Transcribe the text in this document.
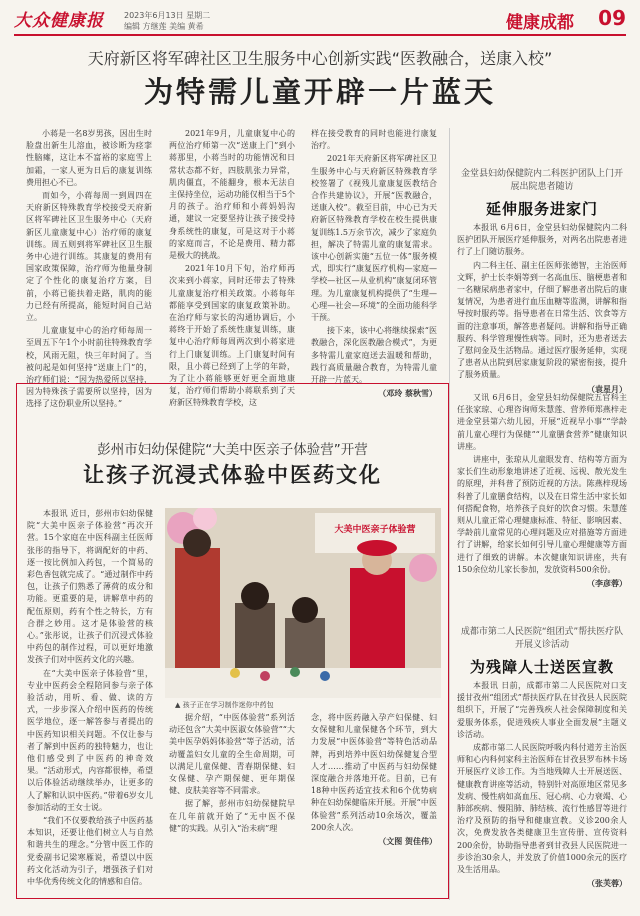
大众健康报	2023年6月13日 星期二
编辑 方继莲 美编 黄希	健康成都 09
天府新区将军碑社区卫生服务中心创新实践“医教融合，送康入校”
为特需儿童开辟一片蓝天

小蒋是一名8岁男孩，因出生时脸盘出新生儿溶血，被诊断为痉挛性脑瘫，这让本不富裕的家庭雪上加霜，一家人更为日后的康复训练费用担心不已。

而如今，小蒋每周一到周四在天府新区特殊教育学校接受天府新区将军碑社区卫生服务中心（天府新区儿童康复中心）治疗师的康复训练。周五则到将军碑社区卫生服务中心进行训练。其康复的费用有国家政策保障，治疗师为他量身制定了个性化的康复治疗方案，目前，小蒋已能扶着走路，肌肉的能力已经有所提高，能短时间自己站立。

儿童康复中心的治疗师每周一至周五下午1个小时前往特殊教育学校，风雨无阻，快三年时间了。当被问起是如何坚持“送康上门”的，治疗师们说：“因为热爱所以坚持，因为特殊孩子需要所以坚持，因为选择了这份职业所以坚持。”

2021年9月，儿童康复中心的两位治疗师第一次“送康上门”到小蒋那里，小蒋当时的功能情况和日常状态都不好，四肢肌张力异常，肌肉僵直，不能翻身，根本无法自主保持坐位，运动功能仅相当于5个月的孩子。治疗师和小蒋妈妈沟通，建议一定要坚持让孩子接受持身系统性的康复，可是这对于小蒋的家庭而言，不论是费用、精力都是极大的挑战。

2021年10月下旬，治疗师再次来到小蒋家，同时还带去了特殊儿童康复治疗相关政策。小蒋每年都能享受到国家的康复政策补助。在治疗师与家长的沟通协调后，小蒋终于开始了系统性康复训练，康复中心治疗师每周两次到小蒋家进行上门康复训练。上门康复时间有限，且小蒋已经到了上学的年龄，为了让小蒋能够更好更全面地康复，治疗师们帮助小蒋联系到了天府新区特殊教育学校，这

样在接受教育的同时也能进行康复治疗。

2021年天府新区将军碑社区卫生服务中心与天府新区特殊教育学校签署了《视残儿童康复医教结合合作共建协议》，开展“医教融合，送康入校”。截至目前，中心已为天府新区特殊教育学校在校生提供康复训练1.5万余节次，减少了家庭负担，解决了特需儿童的康复需求。该中心创新实施“五位一体”服务模式，即实行“康复医疗机构—家庭—学校—社区—从业机构”康复闭环管理。为儿童康复机构提供了“生理—心理—社会—环境”的全面功能科学干预。

接下来，该中心将继续探索“医教融合，深化医教融合模式”，为更多特需儿童家庭送去温暖和帮助，践行高质量融合教育，为特需儿童开辟一片蓝天。

（邓玲 蔡秋雪）

金堂县妇幼保健院内二科医护团队上门开展出院患者随访
延伸服务进家门

本报讯 6月6日，金堂县妇幼保健院内二科医护团队开展医疗延伸服务，对两名出院患者进行了上门随访服务。

内二科主任、副主任医师张德智，主治医师文辉，护士长李娟等到一名高血压、脑梗患者和一名糖尿病患者家中，仔细了解患者出院后的康复情况，为患者进行血压血糖等监测，讲解和指导按时服药等。指导患者在日常生活、饮食等方面的注意事项，解答患者疑问。讲解和指导正确服药、科学管理慢性病等。同时，还为患者送去了慰问金及生活物品。通过医疗服务延伸，实现了患者从出院到居家康复阶段的紧密衔接，提升了服务质量。

（袁星月）

又讯 6月6日，金堂县妇幼保健院五官科主任张家琼、心理咨询师朱慧莲、营养师郑燕梓走进金堂县第六幼儿园，开展“近视早小事”“学龄前儿童心理行为保健”“儿童膳食营养”健康知识讲座。

讲座中，张琼从儿童眼发育、结构等方面为家长们生动形象地讲述了近视、远视、散光发生的原理，并科普了预防近视的方法。陈燕梓现场科普了儿童膳食结构，以及在日常生活中家长如何搭配食物，培养孩子良好的饮食习惯。朱慧莲则从儿童正常心理健康标准、特征、影响因素、学龄前儿童常见的心理问题及应对措施等方面进行了讲解，给家长如何引导儿童心理健康等方面进行了细致的讲解。本次健康知识讲座，共有150余位幼儿家长参加，发放资料500余份。

（李彦蓉）

成都市第二人民医院“组团式”帮扶医疗队开展义诊活动
为残障人士送医宣教

本报讯 日前，成都市第二人民医院对口支援甘孜州“组团式”帮扶医疗队在甘孜县人民医院组织下，开展了“完善残疾人社会保障制度和关爱服务体系，促进残疾人事业全面发展”主题义诊活动。

成都市第二人民医院呼吸内科付道芳主治医师和心内科何家科主治医师在甘孜县罗布林卡场开展医疗义诊工作。为当地残障人士开展送医、健康教育讲座等活动，特别针对高原地区常见多发病、慢性病如高血压、冠心病、心力衰竭、心肺部疾病、慢阻肺、肺结核、流行性感冒等进行治疗及预防的指导和健康宣教。义诊200余人次，免费发放各类健康卫生宣传册、宣传资料200余份，协助指导患者到甘孜县人民医院进一步诊治30余人，并发放了价值1000余元的医疗及生活用品。

（张芙蓉）

彭州市妇幼保健院“大美中医亲子体验营”开营
让孩子沉浸式体验中医药文化

本报讯 近日，彭州市妇幼保健院“大美中医亲子体验营”再次开营。15个家庭在中医科副主任医师张彤的指导下，将调配好的中药、逐一按比例加入药包，一个简易的彩色香包就完成了。“通过制作中药包，让孩子们熟悉了薄荷的成分和功能。更重要的是，讲解草中药的配伍原则，药有个性之特长，方有合群之妙用。这才是体验营的核心。”张彤说，让孩子们沉浸式体验中药包的制作过程，可以更好地激发孩子们对中医药文化的兴趣。

在“大美中医亲子体验营”里，专业中医药会全程陪同参与亲子体验活动，用听、看、做、读的方式，一步步深入介绍中医药的传统医学地位，逐一解答参与者提出的中医药知识相关问题。不仅让参与者了解到中医药的独特魅力，也让他们感受到了中医药的神奇效果。“活动形式，内容都很棒，希望以后体验活动继续举办，让更多的人了解和认识中医药。”带着6岁女儿参加活动的王女士说。

“我们不仅要教给孩子中医药基本知识，还要让他们树立人与自然和谐共生的理念。”分管中医工作的党委副书记梁寒雁说，希望以中医药文化活动为引子，增强孩子们对中华优秀传统文化的情感和自信。

大美中医亲子体验营
▲ 孩子正在学习制作迷你中药包

据介绍，“中医体验营”系列活动还包含“大美中医淑女体验营”“大美中医孕妈妈体验营”等子活动，活动覆盖妇女儿童的全生命周期，可以满足儿童保健、青春期保健、妇女保健、孕产期保健、更年期保健、皮肤美容等不同需求。

据了解，彭州市妇幼保健院早在几年前就开始了“无中医不保健”的实践。从引入“治未病”理

念，将中医药融入孕产妇保健、妇女保健和儿童保健各个环节，到大力发展“中医体验营”等特色活动品牌，再到培养中医妇幼保健复合型人才……推动了中医药与妇幼保健深度融合并落地开花。目前，已有18种中医药适宜技术和6个优势病种在妇幼保健临床开展。开展“中医体验营”系列活动10余场次，覆盖200余人次。

（文图 贺佳伟）
